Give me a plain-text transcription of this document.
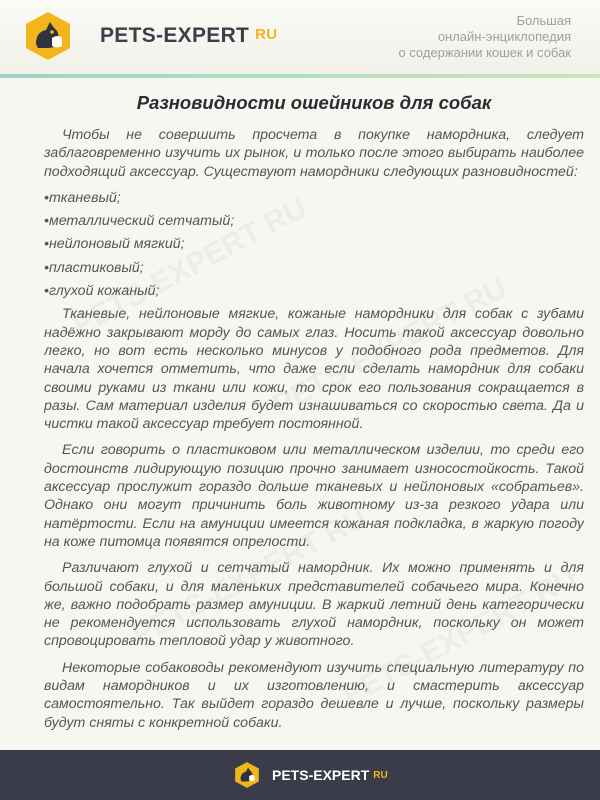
PETS-EXPERT RU
Большая
онлайн-энциклопедия
о содержании кошек и собак
Разновидности ошейников для собак

Чтобы не совершить просчета в покупке намордника, следует заблаговременно изучить их рынок, и только после этого выбирать наиболее подходящий аксессуар. Существуют намордники следующих разновидностей:

•тканевый;
•металлический сетчатый;
•нейлоновый мягкий;
•пластиковый;
•глухой кожаный;

Тканевые, нейлоновые мягкие, кожаные намордники для собак с зубами надёжно закрывают морду до самых глаз. Носить такой аксессуар довольно легко, но вот есть несколько минусов у подобного рода предметов. Для начала хочется отметить, что даже если сделать намордник для собаки своими руками из ткани или кожи, то срок его пользования сокращается в разы. Сам материал изделия будет изнашиваться со скоростью света. Да и чистки такой аксессуар требует постоянной.

Если говорить о пластиковом или металлическом изделии, то среди его достоинств лидирующую позицию прочно занимает износостойкость. Такой аксессуар прослужит гораздо дольше тканевых и нейлоновых «собратьев». Однако они могут причинить боль животному из-за резкого удара или натёртости. Если на амуниции имеется кожаная подкладка, в жаркую погоду на коже питомца появятся опрелости.

Различают глухой и сетчатый намордник. Их можно применять и для большой собаки, и для маленьких представителей собачьего мира. Конечно же, важно подобрать размер амуниции. В жаркий летний день категорически не рекомендуется использовать глухой намордник, поскольку он может спровоцировать тепловой удар у животного.

Некоторые собаководы рекомендуют изучить специальную литературу по видам намордников и их изготовлению, и смастерить аксессуар самостоятельно. Так выйдет гораздо дешевле и лучше, поскольку размеры будут сняты с конкретной собаки.

PETS-EXPERT RU
